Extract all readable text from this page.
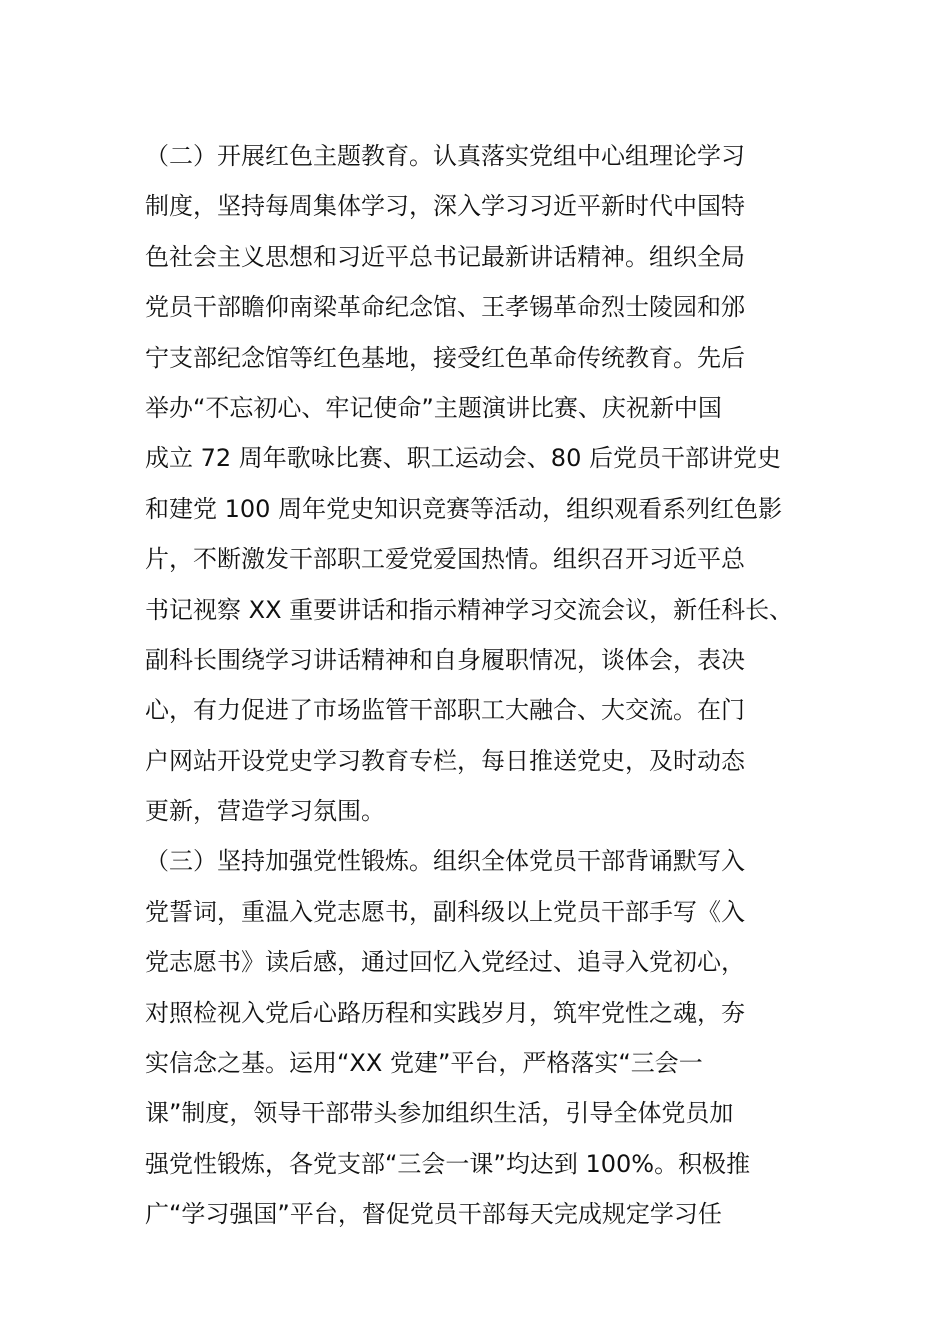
（二）开展红色主题教育。认真落实党组中心组理论学习
制度，坚持每周集体学习，深入学习习近平新时代中国特
色社会主义思想和习近平总书记最新讲话精神。组织全局
党员干部瞻仰南梁革命纪念馆、王孝锡革命烈士陵园和邠
宁支部纪念馆等红色基地，接受红色革命传统教育。先后
举办“不忘初心、牢记使命”主题演讲比赛、庆祝新中国
成立 72 周年歌咏比赛、职工运动会、80 后党员干部讲党史
和建党 100 周年党史知识竞赛等活动，组织观看系列红色影
片，不断激发干部职工爱党爱国热情。组织召开习近平总
书记视察 XX 重要讲话和指示精神学习交流会议，新任科长、
副科长围绕学习讲话精神和自身履职情况，谈体会，表决
心，有力促进了市场监管干部职工大融合、大交流。在门
户网站开设党史学习教育专栏，每日推送党史，及时动态
更新，营造学习氛围。
（三）坚持加强党性锻炼。组织全体党员干部背诵默写入
党誓词，重温入党志愿书，副科级以上党员干部手写《入
党志愿书》读后感，通过回忆入党经过、追寻入党初心，
对照检视入党后心路历程和实践岁月，筑牢党性之魂，夯
实信念之基。运用“XX 党建”平台，严格落实“三会一
课”制度，领导干部带头参加组织生活，引导全体党员加
强党性锻炼，各党支部“三会一课”均达到 100%。积极推
广“学习强国”平台，督促党员干部每天完成规定学习任
